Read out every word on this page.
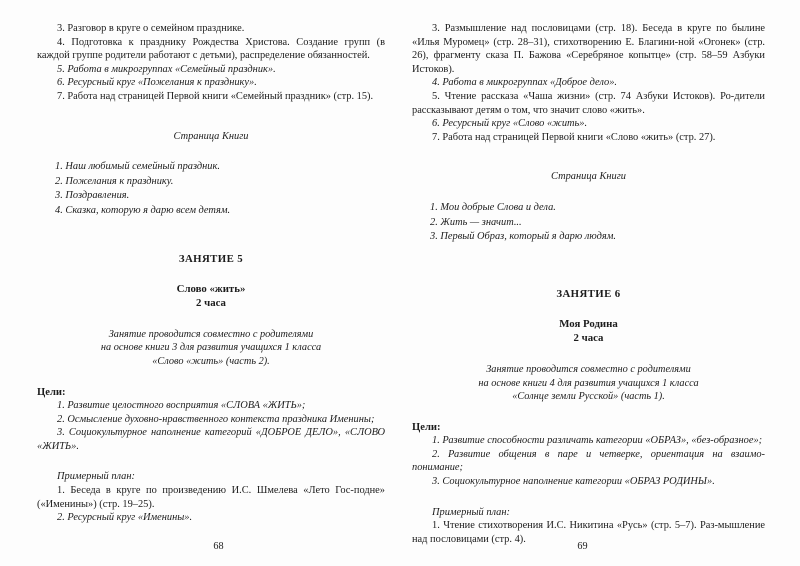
3. Разговор в круге о семейном празднике.

4. Подготовка к празднику Рождества Христова. Создание групп (в каждой группе родители работают с детьми), распределение обязанностей.

5. Работа в микрогруппах «Семейный праздник».

6. Ресурсный круг «Пожелания к празднику».

7. Работа над страницей Первой книги «Семейный праздник» (стр. 15).

Страница Книги

1. Наш любимый семейный праздник.
2. Пожелания к празднику.
3. Поздравления.
4. Сказка, которую я дарю всем детям.

ЗАНЯТИЕ 5

Слово «жить»

2 часа

Занятие проводится совместно с родителями

на основе книги 3 для развития учащихся 1 класса

«Слово «жить» (часть 2).

Цели:

1. Развитие целостного восприятия «СЛОВА «ЖИТЬ»;

2. Осмысление духовно-нравственного контекста праздника Именины;

3. Социокультурное наполнение категорий «ДОБРОЕ ДЕЛО», «СЛОВО «ЖИТЬ».

Примерный план:

1. Беседа в круге по произведению И.С. Шмелева «Лето Гос-подне» («Именины») (стр. 19–25).

2. Ресурсный круг «Именины».

68

3. Размышление над пословицами (стр. 18). Беседа в круге по былине «Илья Муромец» (стр. 28–31), стихотворению Е. Благини-ной «Огонек» (стр. 26), фрагменту сказа П. Бажова «Серебряное копытце» (стр. 58–59 Азбуки Истоков).

4. Работа в микрогруппах «Доброе дело».

5. Чтение рассказа «Чаша жизни» (стр. 74 Азбуки Истоков). Ро-дители рассказывают детям о том, что значит слово «жить».

6. Ресурсный круг «Слово «жить».

7. Работа над страницей Первой книги «Слово «жить» (стр. 27).

Страница Книги

1. Мои добрые Слова и дела.
2. Жить — значит...
3. Первый Образ, который я дарю людям.

ЗАНЯТИЕ 6

Моя Родина

2 часа

Занятие проводится совместно с родителями

на основе книги 4 для развития учащихся 1 класса

«Солнце земли Русской» (часть 1).

Цели:

1. Развитие способности различать категории «ОБРАЗ», «без-образное»;

2. Развитие общения в паре и четверке, ориентация на взаимо-понимание;

3. Социокультурное наполнение категории «ОБРАЗ РОДИНЫ».

Примерный план:

1. Чтение стихотворения И.С. Никитина «Русь» (стр. 5–7). Раз-мышление над пословицами (стр. 4).

69
